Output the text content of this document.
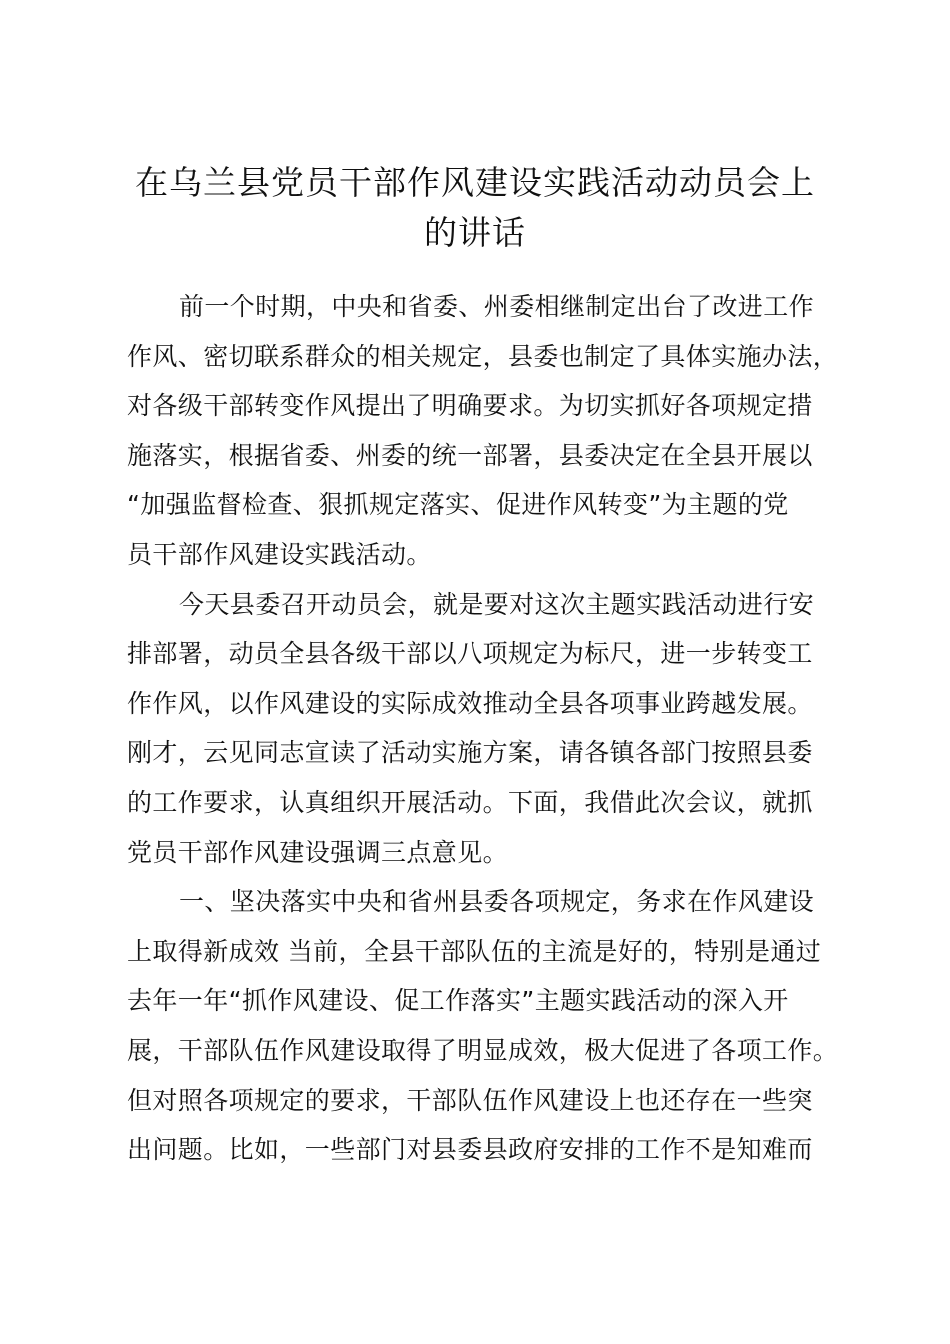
在乌兰县党员干部作风建设实践活动动员会上
的讲话
前一个时期，中央和省委、州委相继制定出台了改进工作
作风、密切联系群众的相关规定，县委也制定了具体实施办法，
对各级干部转变作风提出了明确要求。为切实抓好各项规定措
施落实，根据省委、州委的统一部署，县委决定在全县开展以
“加强监督检查、狠抓规定落实、促进作风转变”为主题的党
员干部作风建设实践活动。
今天县委召开动员会，就是要对这次主题实践活动进行安
排部署，动员全县各级干部以八项规定为标尺，进一步转变工
作作风，以作风建设的实际成效推动全县各项事业跨越发展。
刚才，云见同志宣读了活动实施方案，请各镇各部门按照县委
的工作要求，认真组织开展活动。下面，我借此次会议，就抓
党员干部作风建设强调三点意见。
一、坚决落实中央和省州县委各项规定，务求在作风建设
上取得新成效 当前，全县干部队伍的主流是好的，特别是通过
去年一年“抓作风建设、促工作落实”主题实践活动的深入开
展，干部队伍作风建设取得了明显成效，极大促进了各项工作。
但对照各项规定的要求，干部队伍作风建设上也还存在一些突
出问题。比如，一些部门对县委县政府安排的工作不是知难而
